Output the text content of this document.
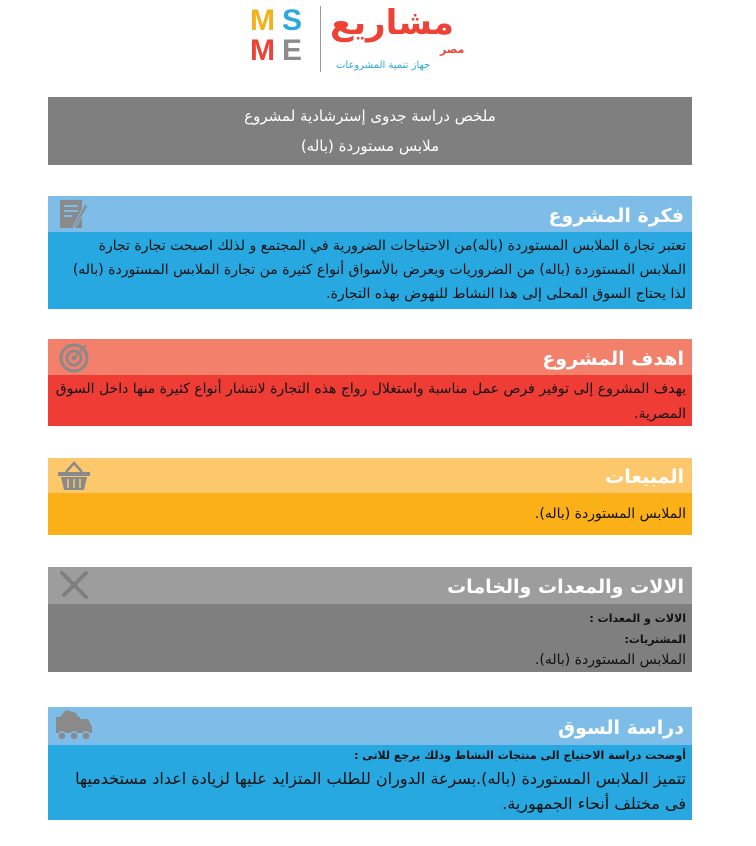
M S
M E
مشاريع
مصر
جهاز تنمية المشروعات
ملخص دراسة جدوى إسترشادية لمشروع
ملابس مستوردة (باله)
فكرة المشروع
تعتبر تجارة الملابس المستوردة (باله)من الاحتياجات الضرورية في المجتمع و لذلك اصبحت تجارة تجارة الملابس المستوردة (باله) من الضروريات ويعرض بالأسواق أنواع كثيرة من تجارة الملابس المستوردة (باله) لذا يحتاج السوق المحلى إلى هذا النشاط للنهوض بهذه التجارة.
اهدف المشروع
يهدف المشروع إلى توفير فرص عمل مناسبة واستغلال رواج هذه التجارة لانتشار أنواع كثيرة منها داخل السوق المصرية.
المبيعات
الملابس المستوردة (باله).
الالات والمعدات والخامات
الالات و المعدات :
المشتريات:
الملابس المستوردة (باله).
دراسة السوق
أوضحت دراسة الاحتياج الى منتجات النشاط وذلك يرجع للاتى :
تتميز الملابس المستوردة (باله).بسرعة الدوران للطلب المتزايد عليها لزيادة اعداد مستخدميها فى مختلف أنحاء الجمهورية.
